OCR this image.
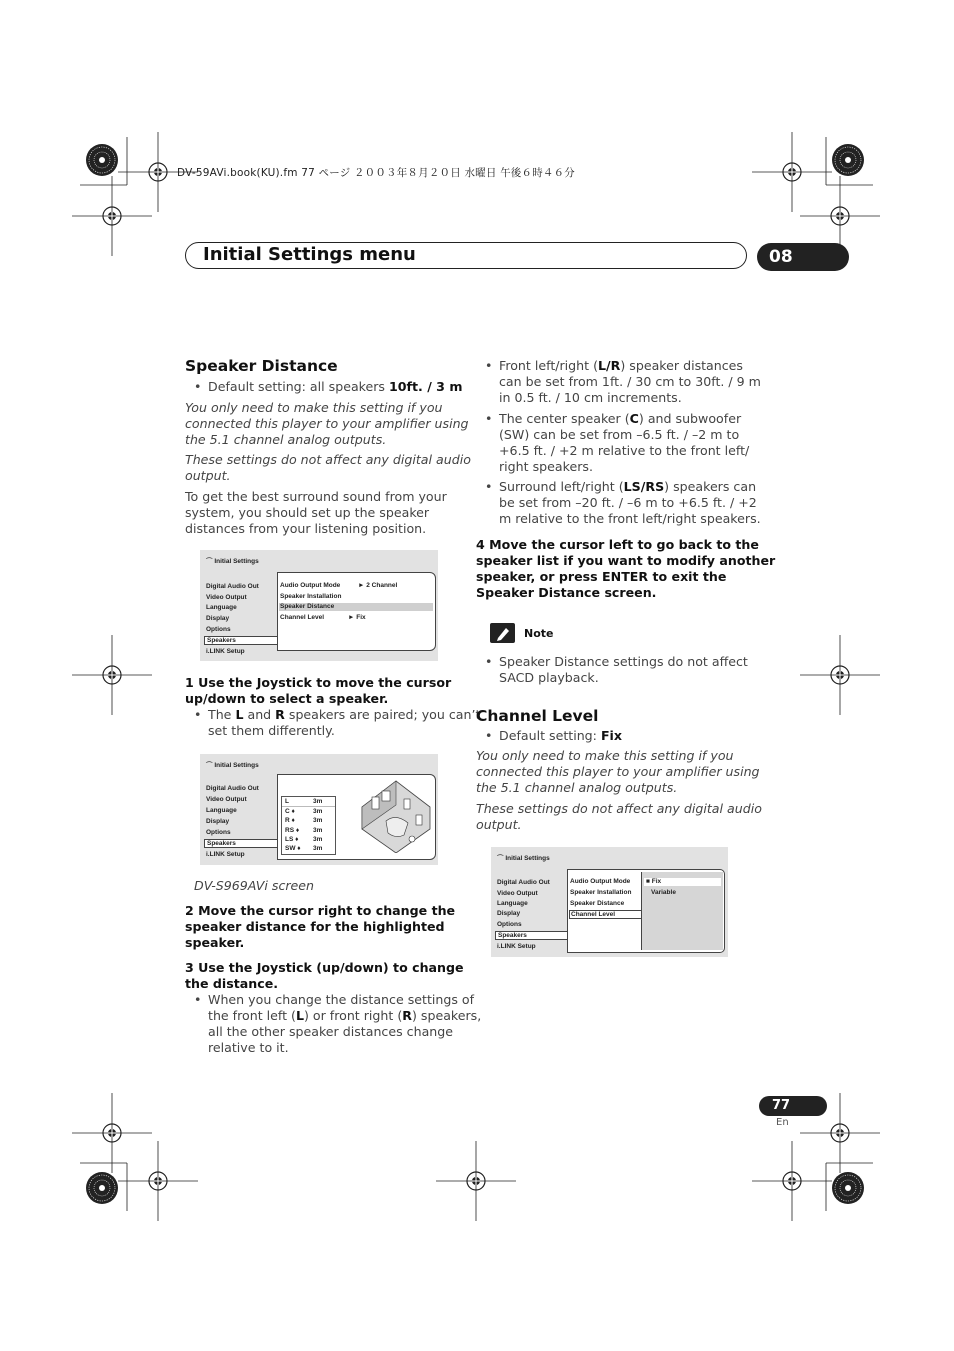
DV-59AVi.book(KU).fm 77 ページ ２００３年８月２０日 水曜日 午後６時４６分
Initial Settings menu	08
Speaker Distance
• Default setting: all speakers 10ft. / 3 m
You only need to make this setting if you
connected this player to your amplifier using
the 5.1 channel analog outputs.
These settings do not affect any digital audio
output.
To get the best surround sound from your
system, you should set up the speaker
distances from your listening position.
⌒ Initial Settings
Digital Audio Out
Video Output
Language
Display
Options
Speakers
i.LINK Setup
Audio Output Mode	► 2 Channel
Speaker Installation
Speaker Distance
Channel Level	► Fix
1 Use the Joystick to move the cursor
up/down to select a speaker.
• The L and R speakers are paired; you can’t
set them differently.
⌒ Initial Settings
Digital Audio Out
Video Output
Language
Display
Options
Speakers
i.LINK Setup
L	3m
C ♦	3m
R ♦	3m
RS ♦ 3m
LS ♦ 3m
SW ♦ 3m
DV-S969AVi screen
2 Move the cursor right to change the
speaker distance for the highlighted
speaker.
3 Use the Joystick (up/down) to change
the distance.
• When you change the distance settings of
the front left (L) or front right (R) speakers,
all the other speaker distances change
relative to it.
• Front left/right (L/R) speaker distances
can be set from 1ft. / 30 cm to 30ft. / 9 m
in 0.5 ft. / 10 cm increments.
• The center speaker (C) and subwoofer
(SW) can be set from –6.5 ft. / –2 m to
+6.5 ft. / +2 m relative to the front left/
right speakers.
• Surround left/right (LS/RS) speakers can
be set from –20 ft. / –6 m to +6.5 ft. / +2
m relative to the front left/right speakers.
4 Move the cursor left to go back to the
speaker list if you want to modify another
speaker, or press ENTER to exit the
Speaker Distance screen.
Note
• Speaker Distance settings do not affect
SACD playback.
Channel Level
• Default setting: Fix
You only need to make this setting if you
connected this player to your amplifier using
the 5.1 channel analog outputs.
These settings do not affect any digital audio
output.
⌒ Initial Settings
Digital Audio Out
Video Output
Language
Display
Options
Speakers
i.LINK Setup
Audio Output Mode
Speaker Installation
Speaker Distance
Channel Level
■ Fix
Variable
77
En
